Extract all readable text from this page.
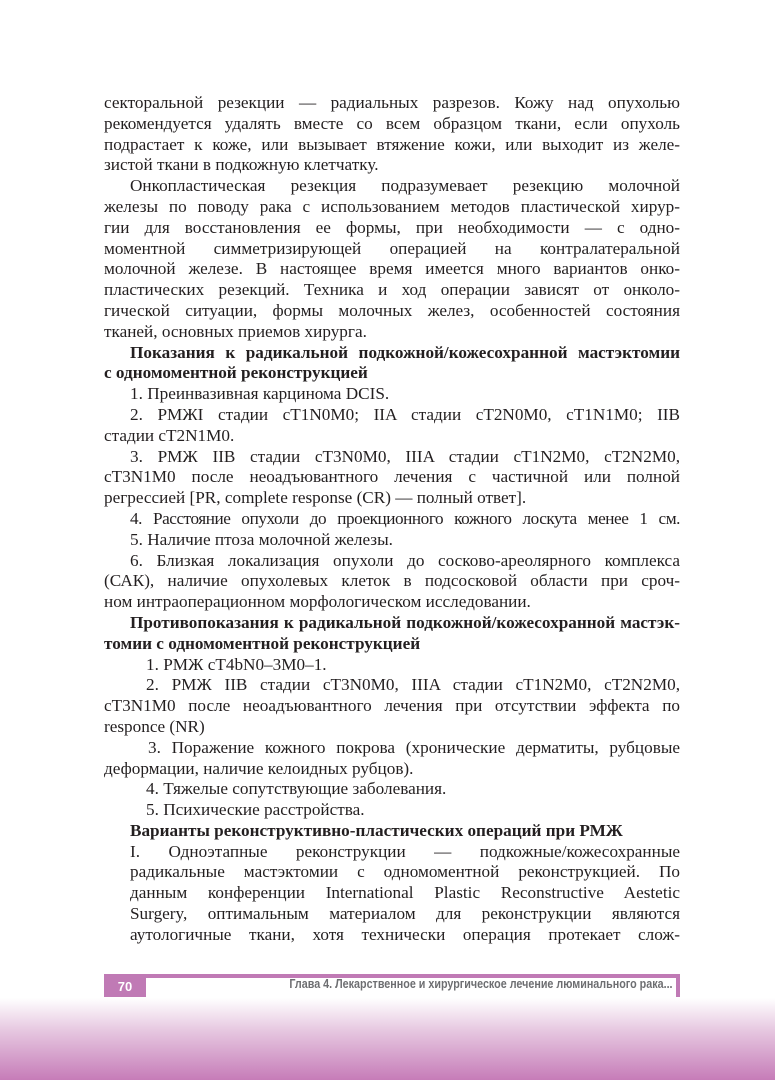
секторальной резекции — радиальных разрезов. Кожу над опухолью
рекомендуется удалять вместе со всем образцом ткани, если опухоль
подрастает к коже, или вызывает втяжение кожи, или выходит из желе-
зистой ткани в подкожную клетчатку.
Онкопластическая резекция подразумевает резекцию молочной
железы по поводу рака с использованием методов пластической хирур-
гии для восстановления ее формы, при необходимости — с одно-
моментной симметризирующей операцией на контралатеральной
молочной железе. В настоящее время имеется много вариантов онко-
пластических резекций. Техника и ход операции зависят от онколо-
гической ситуации, формы молочных желез, особенностей состояния
тканей, основных приемов хирурга.
Показания к радикальной подкожной/кожесохранной мастэктомии
с одномоментной реконструкцией
1. Преинвазивная карцинома DCIS.
2. РМЖI стадии cT1N0M0; IIA стадии cT2N0M0, cT1N1M0; IIB
стадии cT2N1M0.
3. РМЖ IIB стадии cT3N0M0, IIIA стадии cT1N2M0, cT2N2M0,
cT3N1M0 после неоадъювантного лечения с частичной или полной
регрессией [PR, complete response (CR) — полный ответ].
4. Расстояние опухоли до проекционного кожного лоскута менее 1 см.
5. Наличие птоза молочной железы.
6. Близкая локализация опухоли до сосково-ареолярного комплекса
(САК), наличие опухолевых клеток в подсосковой области при сроч-
ном интраоперационном морфологическом исследовании.
Противопоказания к радикальной подкожной/кожесохранной мастэк-
томии с одномоментной реконструкцией
1. РМЖ cT4bN0–3M0–1.
2. РМЖ IIB стадии cT3N0M0, IIIA стадии cT1N2M0, cT2N2M0,
cT3N1M0 после неоадъювантного лечения при отсутствии эффекта по
responce (NR)
3. Поражение кожного покрова (хронические дерматиты, рубцовые
деформации, наличие келоидных рубцов).
4. Тяжелые сопутствующие заболевания.
5. Психические расстройства.
Варианты реконструктивно-пластических операций при РМЖ
I. Одноэтапные реконструкции — подкожные/кожесохранные
радикальные мастэктомии с одномоментной реконструкцией. По
данным конференции International Plastic Reconstructive Aestetic
Surgery, оптимальным материалом для реконструкции являются
аутологичные ткани, хотя технически операция протекает слож-
70	Глава 4. Лекарственное и хирургическое лечение люминального рака...
